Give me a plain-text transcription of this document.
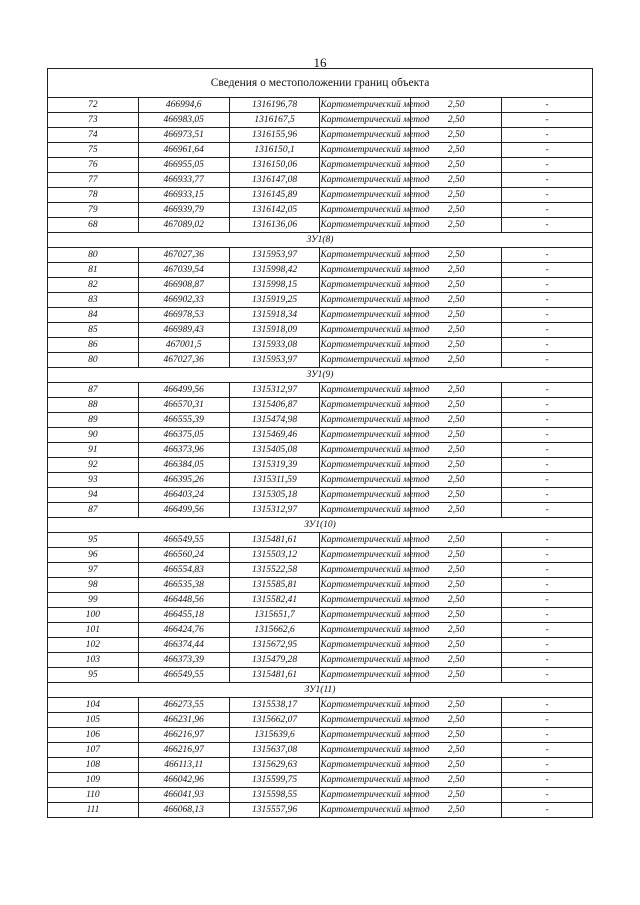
16
Сведения о местоположении границ объекта					
72	466994,6	1316196,78	Картометрический метод	2,50	-
73	466983,05	1316167,5	Картометрический метод	2,50	-
74	466973,51	1316155,96	Картометрический метод	2,50	-
75	466961,64	1316150,1	Картометрический метод	2,50	-
76	466955,05	1316150,06	Картометрический метод	2,50	-
77	466933,77	1316147,08	Картометрический метод	2,50	-
78	466933,15	1316145,89	Картометрический метод	2,50	-
79	466939,79	1316142,05	Картометрический метод	2,50	-
68	467089,02	1316136,06	Картометрический метод	2,50	-
ЗУ1(8)					
80	467027,36	1315953,97	Картометрический метод	2,50	-
81	467039,54	1315998,42	Картометрический метод	2,50	-
82	466908,87	1315998,15	Картометрический метод	2,50	-
83	466902,33	1315919,25	Картометрический метод	2,50	-
84	466978,53	1315918,34	Картометрический метод	2,50	-
85	466989,43	1315918,09	Картометрический метод	2,50	-
86	467001,5	1315933,08	Картометрический метод	2,50	-
80	467027,36	1315953,97	Картометрический метод	2,50	-
ЗУ1(9)					
87	466499,56	1315312,97	Картометрический метод	2,50	-
88	466570,31	1315406,87	Картометрический метод	2,50	-
89	466555,39	1315474,98	Картометрический метод	2,50	-
90	466375,05	1315469,46	Картометрический метод	2,50	-
91	466373,96	1315405,08	Картометрический метод	2,50	-
92	466384,05	1315319,39	Картометрический метод	2,50	-
93	466395,26	1315311,59	Картометрический метод	2,50	-
94	466403,24	1315305,18	Картометрический метод	2,50	-
87	466499,56	1315312,97	Картометрический метод	2,50	-
ЗУ1(10)					
95	466549,55	1315481,61	Картометрический метод	2,50	-
96	466560,24	1315503,12	Картометрический метод	2,50	-
97	466554,83	1315522,58	Картометрический метод	2,50	-
98	466535,38	1315585,81	Картометрический метод	2,50	-
99	466448,56	1315582,41	Картометрический метод	2,50	-
100	466455,18	1315651,7	Картометрический метод	2,50	-
101	466424,76	1315662,6	Картометрический метод	2,50	-
102	466374,44	1315672,95	Картометрический метод	2,50	-
103	466373,39	1315479,28	Картометрический метод	2,50	-
95	466549,55	1315481,61	Картометрический метод	2,50	-
ЗУ1(11)					
104	466273,55	1315538,17	Картометрический метод	2,50	-
105	466231,96	1315662,07	Картометрический метод	2,50	-
106	466216,97	1315639,6	Картометрический метод	2,50	-
107	466216,97	1315637,08	Картометрический метод	2,50	-
108	466113,11	1315629,63	Картометрический метод	2,50	-
109	466042,96	1315599,75	Картометрический метод	2,50	-
110	466041,93	1315598,55	Картометрический метод	2,50	-
111	466068,13	1315557,96	Картометрический метод	2,50	-
